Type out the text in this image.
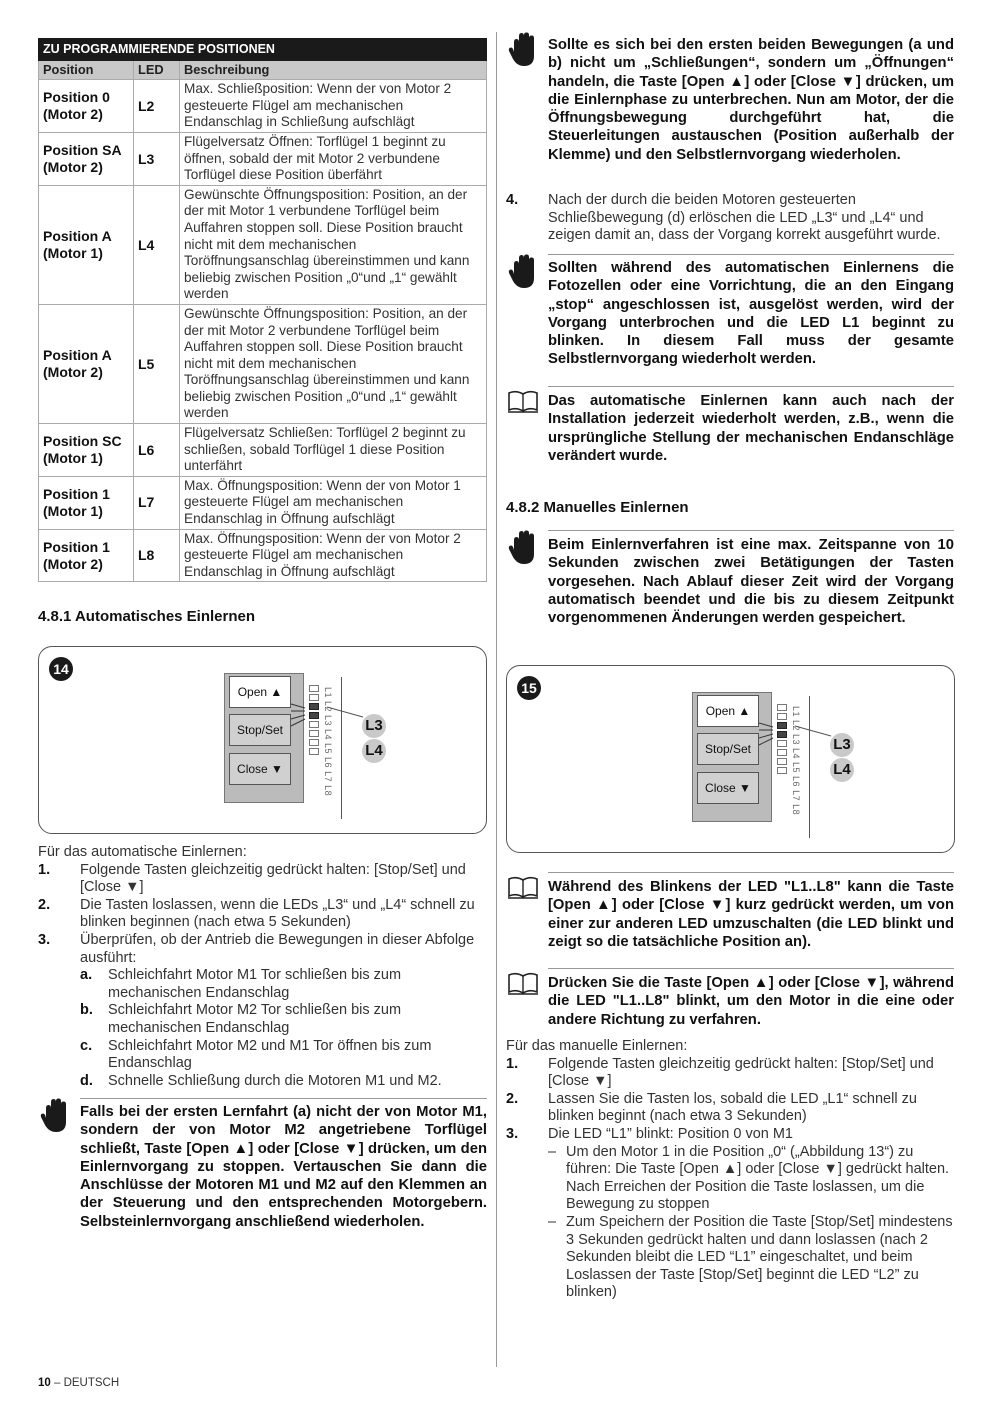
ZU PROGRAMMIERENDE POSITIONEN		
Position	LED	Beschreibung
Position 0 (Motor 2)	L2	Max. Schließposition: Wenn der von Motor 2 gesteuerte Flügel am mechanischen Endanschlag in Schließung aufschlägt
Position SA (Motor 2)	L3	Flügelversatz Öffnen: Torflügel 1 beginnt zu öffnen, sobald der mit Motor 2 verbundene Torflügel diese Position überfährt
Position A (Motor 1)	L4	Gewünschte Öffnungsposition: Position, an der der mit Motor 1 verbundene Torflügel beim Auffahren stoppen soll. Diese Position braucht nicht mit dem mechanischen Toröffnungsanschlag übereinstimmen und kann beliebig zwischen Position „0“und „1“ gewählt werden
Position A (Motor 2)	L5	Gewünschte Öffnungsposition: Position, an der der mit Motor 2 verbundene Torflügel beim Auffahren stoppen soll. Diese Position braucht nicht mit dem mechanischen Toröffnungsanschlag übereinstimmen und kann beliebig zwischen Position „0“und „1“ gewählt werden
Position SC (Motor 1)	L6	Flügelversatz Schließen: Torflügel 2 beginnt zu schließen, sobald Torflügel 1 diese Position unterfährt
Position 1 (Motor 1)	L7	Max. Öffnungsposition: Wenn der von Motor 1 gesteuerte Flügel am mechanischen Endanschlag in Öffnung aufschlägt
Position 1 (Motor 2)	L8	Max. Öffnungsposition: Wenn der von Motor 2 gesteuerte Flügel am mechanischen Endanschlag in Öffnung aufschlägt
4.8.1 Automatisches Einlernen
14
Open ▲
Stop/Set
Close ▼	L1 L2 L3 L4 L5 L6 L7 L8 L3
L4
Für das automatische Einlernen:
1. Folgende Tasten gleichzeitig gedrückt halten: [Stop/Set] und [Close ▼]
2. Die Tasten loslassen, wenn die LEDs „L3“ und „L4“ schnell zu blinken beginnen (nach etwa 5 Sekunden)
3. Überprüfen, ob der Antrieb die Bewegungen in dieser Abfolge ausführt:
a. Schleichfahrt Motor M1 Tor schließen bis zum mechanischen Endanschlag
b. Schleichfahrt Motor M2 Tor schließen bis zum mechanischen Endanschlag
c. Schleichfahrt Motor M2 und M1 Tor öffnen bis zum Endanschlag
d. Schnelle Schließung durch die Motoren M1 und M2.
Falls bei der ersten Lernfahrt (a) nicht der von Motor M1, sondern der von Motor M2 angetriebene Torflügel schließt, Taste [Open ▲] oder [Close ▼] drücken, um den Einlernvorgang zu stoppen. Vertauschen Sie dann die Anschlüsse der Motoren M1 und M2 auf den Klemmen an der Steuerung und den entsprechenden Motorgebern. Selbsteinlernvorgang anschließend wiederholen.
Sollte es sich bei den ersten beiden Bewegungen (a und b) nicht um „Schließungen“, sondern um „Öffnungen“ handeln, die Taste [Open ▲] oder [Close ▼] drücken, um die Einlernphase zu unterbrechen. Nun am Motor, der die Öffnungsbewegung durchgeführt hat, die Steuerleitungen austauschen (Position außerhalb der Klemme) und den Selbstlernvorgang wiederholen.
4. Nach der durch die beiden Motoren gesteuerten Schließbewegung (d) erlöschen die LED „L3“ und „L4“ und zeigen damit an, dass der Vorgang korrekt ausgeführt wurde.
Sollten während des automatischen Einlernens die Fotozellen oder eine Vorrichtung, die an den Eingang „stop“ angeschlossen ist, ausgelöst werden, wird der Vorgang unterbrochen und die LED L1 beginnt zu blinken. In diesem Fall muss der gesamte Selbstlernvorgang wiederholt werden.
Das automatische Einlernen kann auch nach der Installation jederzeit wiederholt werden, z.B., wenn die ursprüngliche Stellung der mechanischen Endanschläge verändert wurde.
4.8.2 Manuelles Einlernen
Beim Einlernverfahren ist eine max. Zeitspanne von 10 Sekunden zwischen zwei Betätigungen der Tasten vorgesehen. Nach Ablauf dieser Zeit wird der Vorgang automatisch beendet und die bis zu diesem Zeitpunkt vorgenommenen Änderungen werden gespeichert.
15
Open ▲
Stop/Set
Close ▼	L1 L2 L3 L4 L5 L6 L7 L8 L3
L4
Während des Blinkens der LED "L1..L8" kann die Taste [Open ▲] oder [Close ▼] kurz gedrückt werden, um von einer zur anderen LED umzuschalten (die LED blinkt und zeigt so die tatsächliche Position an).
Drücken Sie die Taste [Open ▲] oder [Close ▼], während die LED "L1..L8" blinkt, um den Motor in die eine oder andere Richtung zu verfahren.
Für das manuelle Einlernen:
1. Folgende Tasten gleichzeitig gedrückt halten: [Stop/Set] und [Close ▼]
2. Lassen Sie die Tasten los, sobald die LED „L1“ schnell zu blinken beginnt (nach etwa 3 Sekunden)
3. Die LED “L1” blinkt: Position 0 von M1
– Um den Motor 1 in die Position „0“ („Abbildung 13“) zu führen: Die Taste [Open ▲] oder [Close ▼] gedrückt halten. Nach Erreichen der Position die Taste loslassen, um die Bewegung zu stoppen
– Zum Speichern der Position die Taste [Stop/Set] mindestens 3 Sekunden gedrückt halten und dann loslassen (nach 2 Sekunden bleibt die LED “L1” eingeschaltet, und beim Loslassen der Taste [Stop/Set] beginnt die LED “L2” zu blinken)
10 – DEUTSCH
